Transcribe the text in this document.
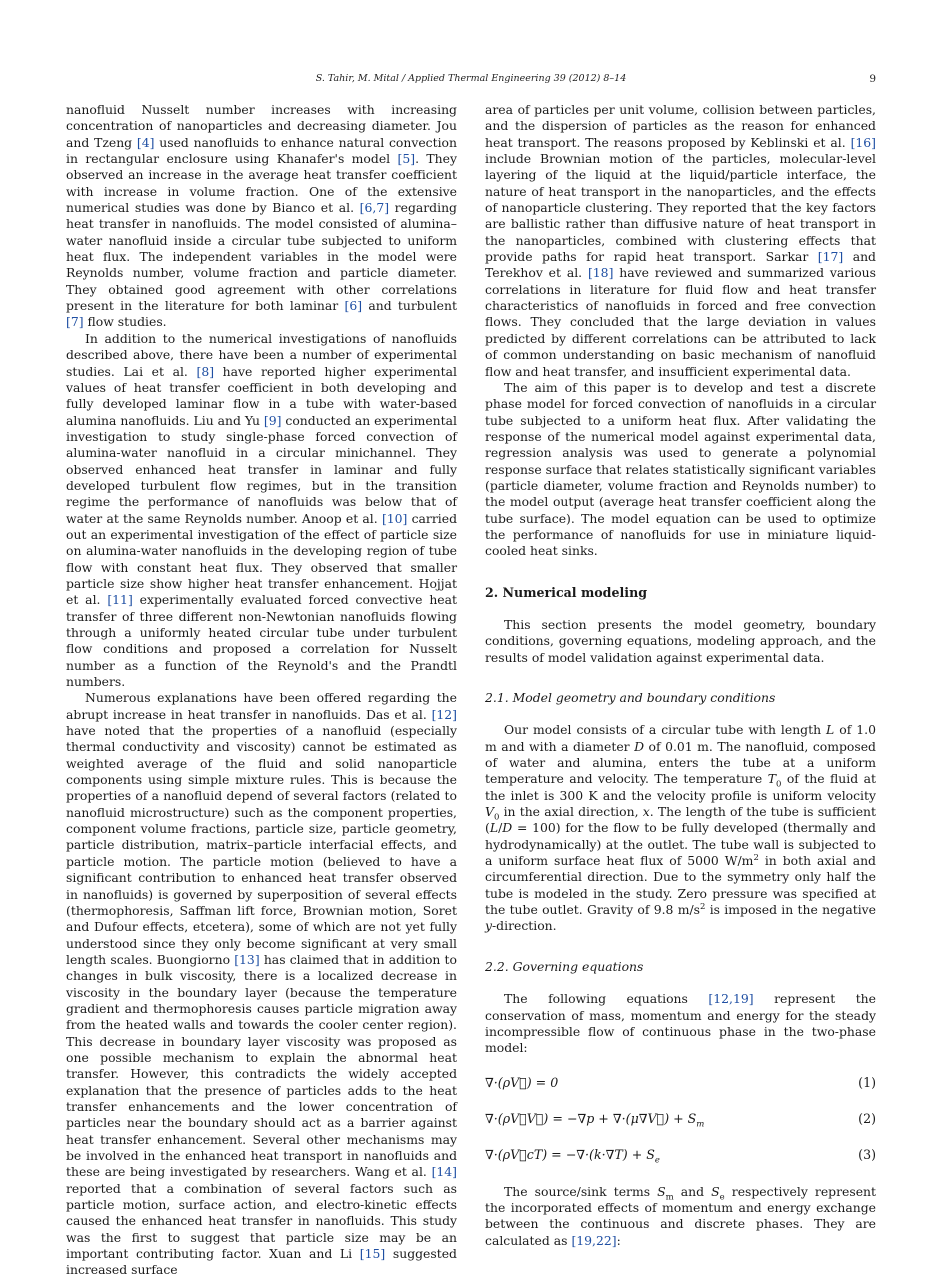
S. Tahir, M. Mital / Applied Thermal Engineering 39 (2012) 8–14	9

nanofluid Nusselt number increases with increasing concentration of nanoparticles and decreasing diameter. Jou and Tzeng [4] used nanofluids to enhance natural convection in rectangular enclosure using Khanafer's model [5]. They observed an increase in the average heat transfer coefficient with increase in volume fraction. One of the extensive numerical studies was done by Bianco et al. [6,7] regarding heat transfer in nanofluids. The model consisted of alumina–water nanofluid inside a circular tube subjected to uniform heat flux. The independent variables in the model were Reynolds number, volume fraction and particle diameter. They obtained good agreement with other correlations present in the literature for both laminar [6] and turbulent [7] flow studies.

In addition to the numerical investigations of nanofluids described above, there have been a number of experimental studies. Lai et al. [8] have reported higher experimental values of heat transfer coefficient in both developing and fully developed laminar flow in a tube with water-based alumina nanofluids. Liu and Yu [9] conducted an experimental investigation to study single-phase forced convection of alumina-water nanofluid in a circular minichannel. They observed enhanced heat transfer in laminar and fully developed turbulent flow regimes, but in the transition regime the performance of nanofluids was below that of water at the same Reynolds number. Anoop et al. [10] carried out an experimental investigation of the effect of particle size on alumina-water nanofluids in the developing region of tube flow with constant heat flux. They observed that smaller particle size show higher heat transfer enhancement. Hojjat et al. [11] experimentally evaluated forced convective heat transfer of three different non-Newtonian nanofluids flowing through a uniformly heated circular tube under turbulent flow conditions and proposed a correlation for Nusselt number as a function of the Reynold's and the Prandtl numbers.

Numerous explanations have been offered regarding the abrupt increase in heat transfer in nanofluids. Das et al. [12] have noted that the properties of a nanofluid (especially thermal conductivity and viscosity) cannot be estimated as weighted average of the fluid and solid nanoparticle components using simple mixture rules. This is because the properties of a nanofluid depend of several factors (related to nanofluid microstructure) such as the component properties, component volume fractions, particle size, particle geometry, particle distribution, matrix–particle interfacial effects, and particle motion. The particle motion (believed to have a significant contribution to enhanced heat transfer observed in nanofluids) is governed by superposition of several effects (thermophoresis, Saffman lift force, Brownian motion, Soret and Dufour effects, etcetera), some of which are not yet fully understood since they only become significant at very small length scales. Buongiorno [13] has claimed that in addition to changes in bulk viscosity, there is a localized decrease in viscosity in the boundary layer (because the temperature gradient and thermophoresis causes particle migration away from the heated walls and towards the cooler center region). This decrease in boundary layer viscosity was proposed as one possible mechanism to explain the abnormal heat transfer. However, this contradicts the widely accepted explanation that the presence of particles adds to the heat transfer enhancements and the lower concentration of particles near the boundary should act as a barrier against heat transfer enhancement. Several other mechanisms may be involved in the enhanced heat transport in nanofluids and these are being investigated by researchers. Wang et al. [14] reported that a combination of several factors such as particle motion, surface action, and electro-kinetic effects caused the enhanced heat transfer in nanofluids. This study was the first to suggest that particle size may be an important contributing factor. Xuan and Li [15] suggested increased surface

area of particles per unit volume, collision between particles, and the dispersion of particles as the reason for enhanced heat transport. The reasons proposed by Keblinski et al. [16] include Brownian motion of the particles, molecular-level layering of the liquid at the liquid/particle interface, the nature of heat transport in the nanoparticles, and the effects of nanoparticle clustering. They reported that the key factors are ballistic rather than diffusive nature of heat transport in the nanoparticles, combined with clustering effects that provide paths for rapid heat transport. Sarkar [17] and Terekhov et al. [18] have reviewed and summarized various correlations in literature for fluid flow and heat transfer characteristics of nanofluids in forced and free convection flows. They concluded that the large deviation in values predicted by different correlations can be attributed to lack of common understanding on basic mechanism of nanofluid flow and heat transfer, and insufficient experimental data.

The aim of this paper is to develop and test a discrete phase model for forced convection of nanofluids in a circular tube subjected to a uniform heat flux. After validating the response of the numerical model against experimental data, regression analysis was used to generate a polynomial response surface that relates statistically significant variables (particle diameter, volume fraction and Reynolds number) to the model output (average heat transfer coefficient along the tube surface). The model equation can be used to optimize the performance of nanofluids for use in miniature liquid-cooled heat sinks.

2. Numerical modeling

This section presents the model geometry, boundary conditions, governing equations, modeling approach, and the results of model validation against experimental data.

2.1. Model geometry and boundary conditions

Our model consists of a circular tube with length L of 1.0 m and with a diameter D of 0.01 m. The nanofluid, composed of water and alumina, enters the tube at a uniform temperature and velocity. The temperature $T_0$ of the fluid at the inlet is 300 K and the velocity profile is uniform velocity $V_0$ in the axial direction, x. The length of the tube is sufficient (L/D = 100) for the flow to be fully developed (thermally and hydrodynamically) at the outlet. The tube wall is subjected to a uniform surface heat flux of 5000 $W/m^2$ in both axial and circumferential direction. Due to the symmetry only half the tube is modeled in the study. Zero pressure was specified at the tube outlet. Gravity of 9.8 $m/s^2$ is imposed in the negative y-direction.

2.2. Governing equations

The following equations [12,19] represent the conservation of mass, momentum and energy for the steady incompressible flow of continuous phase in the two-phase model:

∇·(ρV⃗) = 0	(1)
∇·(ρV⃗V⃗) = −∇p + ∇·(μ∇V⃗) + $S_m$	(2)
∇·(ρV⃗cT) = $-\nabla\cdot(k\cdot\nabla T) + S_e$	(3)

The source/sink terms $S_m$ and $S_e$ respectively represent the incorporated effects of momentum and energy exchange between the continuous and discrete phases. They are calculated as [19,22]:
